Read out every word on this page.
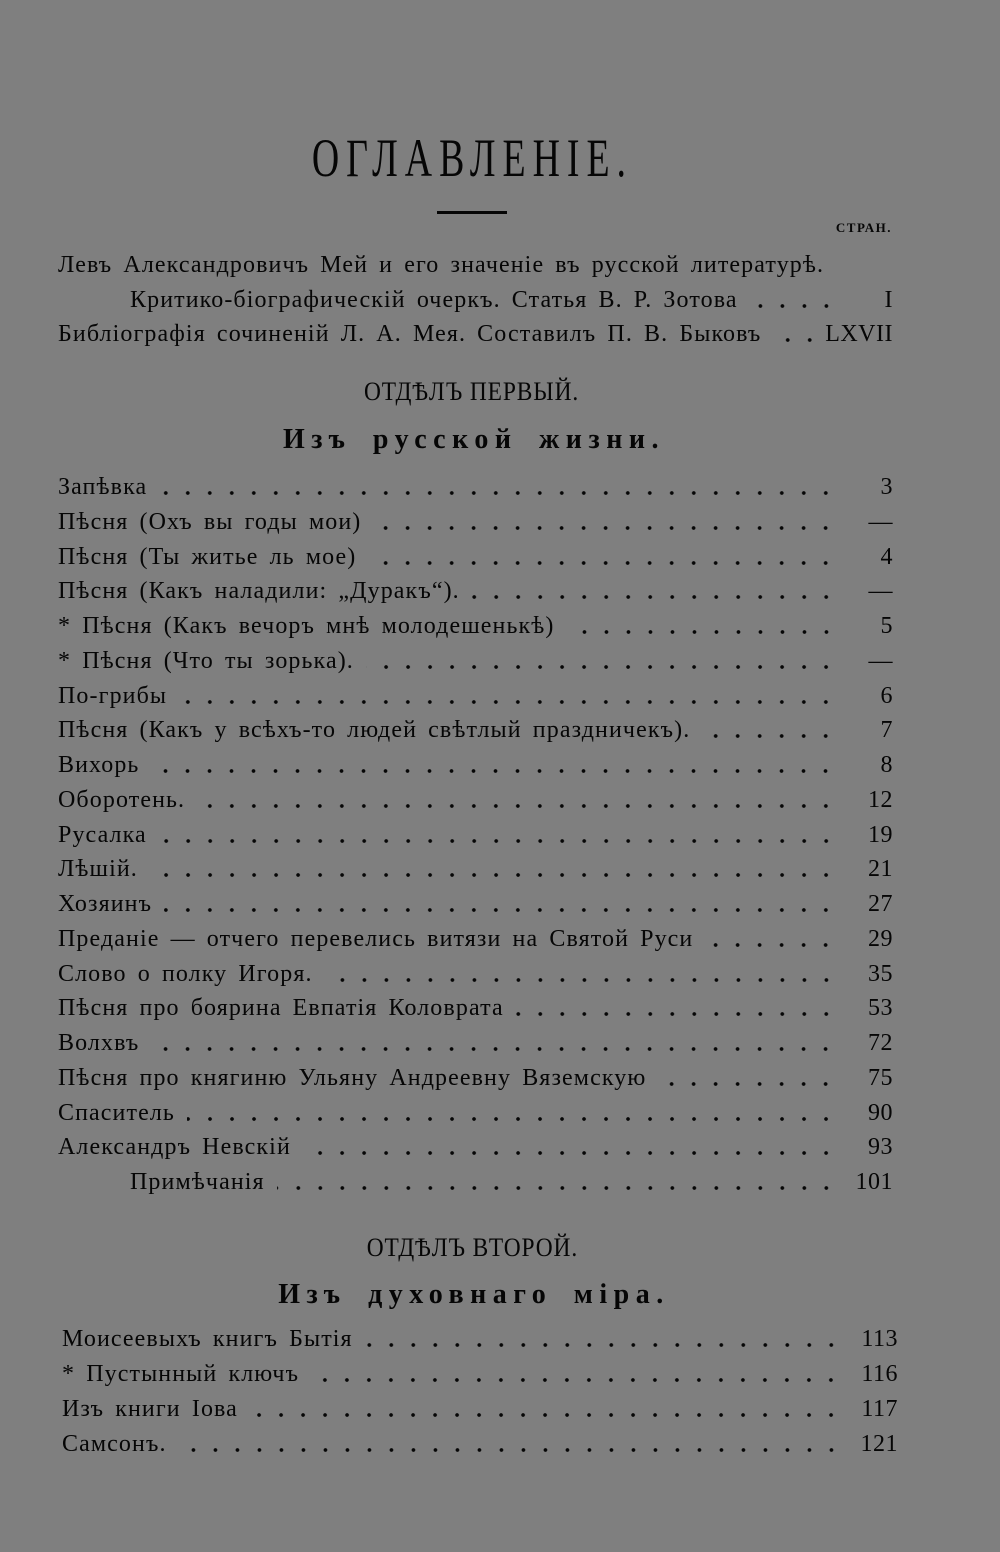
ОГЛАВЛЕНІЕ.
СТРАН.
Левъ Александровичъ Мей и его значеніе въ русской литературѣ.
Критико-біографическій очеркъ. Статья В. Р. Зотова	I
Библіографія сочиненій Л. А. Мея. Составилъ П. В. Быковъ	LXVII
ОТДѢЛЪ ПЕРВЫЙ.
Изъ русской жизни.
Запѣвка	3
Пѣсня (Охъ вы годы мои)	—
Пѣсня (Ты житье ль мое)	4
Пѣсня (Какъ наладили: „Дуракъ“).	—
* Пѣсня (Какъ вечоръ мнѣ молодешенькѣ)	5
* Пѣсня (Что ты зорька).	—
По-грибы	6
Пѣсня (Какъ у всѣхъ-то людей свѣтлый праздничекъ).	7
Вихорь	8
Оборотень.	12
Русалка	19
Лѣшій.	21
Хозяинъ	27
Преданіе — отчего перевелись витязи на Святой Руси	29
Слово о полку Игоря.	35
Пѣсня про боярина Евпатія Коловрата	53
Волхвъ	72
Пѣсня про княгиню Ульяну Андреевну Вяземскую	75
Спаситель	90
Александръ Невскій	93
Примѣчанія	101
ОТДѢЛЪ ВТОРОЙ.
Изъ духовнаго міра.
Моисеевыхъ книгъ Бытія	113
* Пустынный ключъ	116
Изъ книги Іова	117
Самсонъ.	121
